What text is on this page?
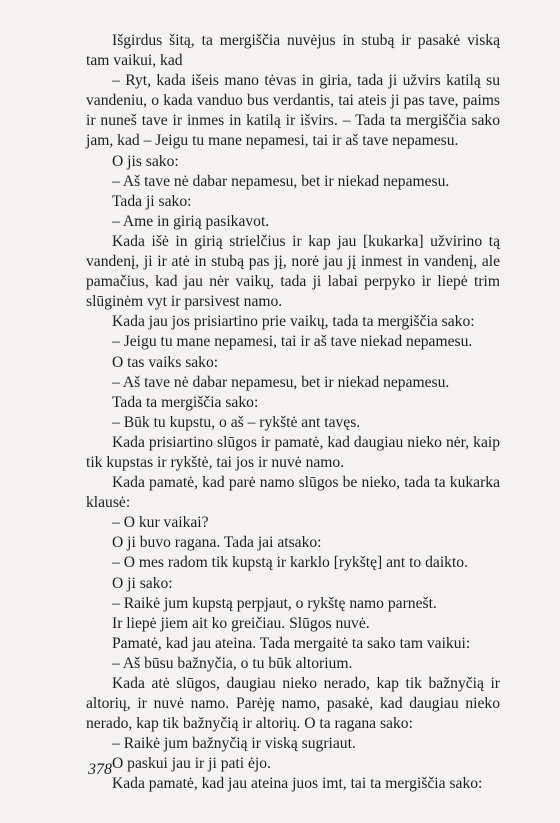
Išgirdus šitą, ta mergiščia nuvėjus in stubą ir pasakė viską tam vaikui, kad

– Ryt, kada išeis mano tėvas in giria, tada ji užvirs katilą su vandeniu, o kada vanduo bus verdantis, tai ateis ji pas tave, paims ir nuneš tave ir inmes in katilą ir išvirs. – Tada ta mergiščia sako jam, kad – Jeigu tu mane nepamesi, tai ir aš tave nepamesu.

O jis sako:

– Aš tave nė dabar nepamesu, bet ir niekad nepamesu.

Tada ji sako:

– Ame in girią pasikavot.

Kada išė in girią strielčius ir kap jau [kukarka] užvirino tą vandenį, ji ir atė in stubą pas jį, norė jau jį inmest in vandenį, ale pamačius, kad jau nėr vaikų, tada ji labai perpyko ir liepė trim slūginėm vyt ir parsivest namo.

Kada jau jos prisiartino prie vaikų, tada ta mergiščia sako:

– Jeigu tu mane nepamesi, tai ir aš tave niekad nepamesu.

O tas vaiks sako:

– Aš tave nė dabar nepamesu, bet ir niekad nepamesu.

Tada ta mergiščia sako:

– Būk tu kupstu, o aš – rykštė ant tavęs.

Kada prisiartino slūgos ir pamatė, kad daugiau nieko nėr, kaip tik kupstas ir rykštė, tai jos ir nuvė namo.

Kada pamatė, kad parė namo slūgos be nieko, tada ta kukarka klausė:

– O kur vaikai?

O ji buvo ragana. Tada jai atsako:

– O mes radom tik kupstą ir karklo [rykštę] ant to daikto.

O ji sako:

– Raikė jum kupstą perpjaut, o rykštę namo parnešt.

Ir liepė jiem ait ko greičiau. Slūgos nuvė.

Pamatė, kad jau ateina. Tada mergaitė ta sako tam vaikui:

– Aš būsu bažnyčia, o tu būk altorium.

Kada atė slūgos, daugiau nieko nerado, kap tik bažnyčią ir altorių, ir nuvė namo. Parėję namo, pasakė, kad daugiau nieko nerado, kap tik bažnyčią ir altorių. O ta ragana sako:

– Raikė jum bažnyčią ir viską sugriaut.

O paskui jau ir ji pati ėjo.

Kada pamatė, kad jau ateina juos imt, tai ta mergiščia sako:

378
